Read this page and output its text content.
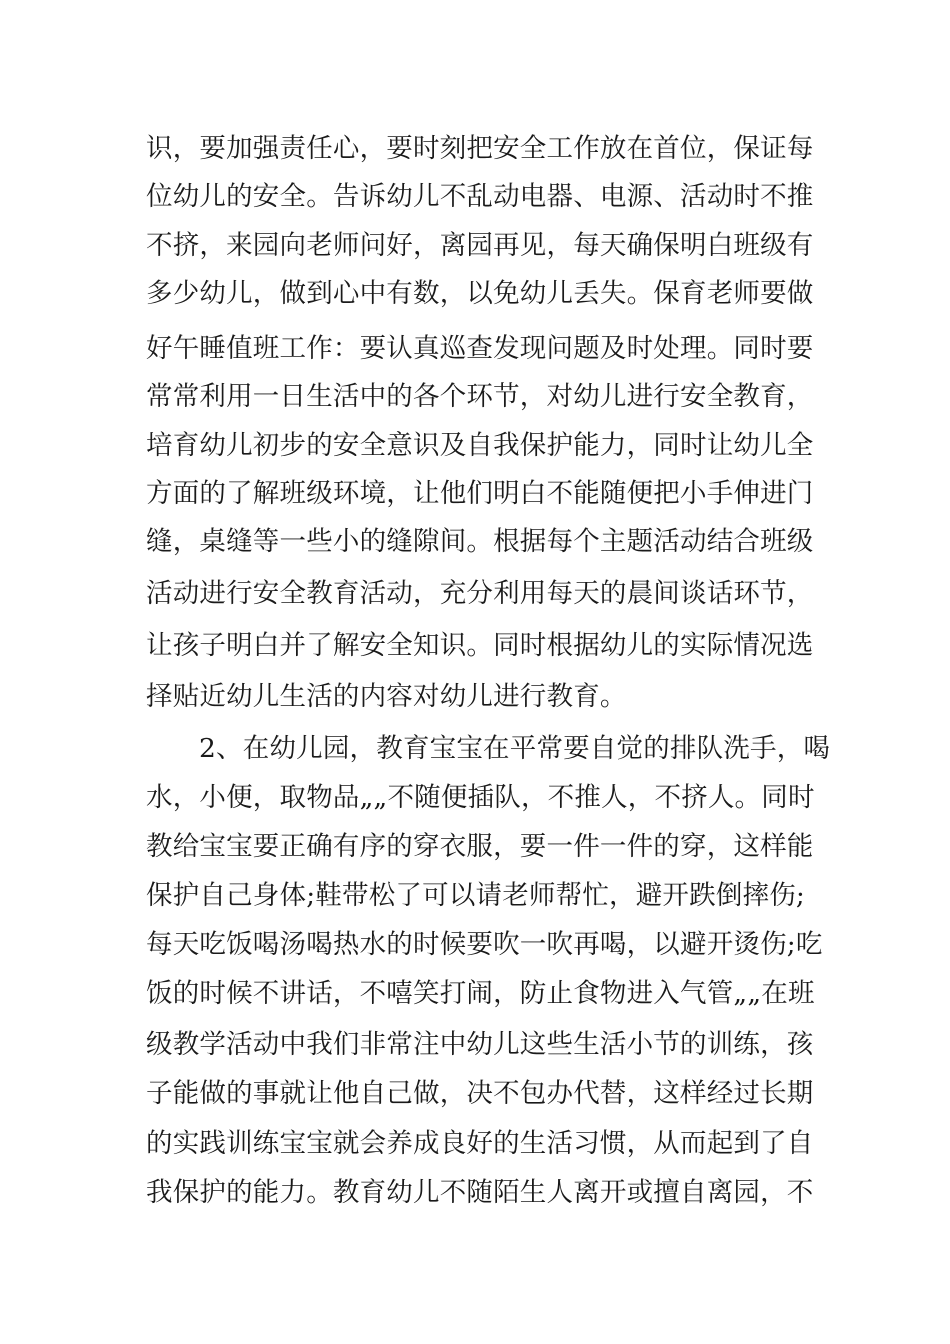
识，要加强责任心，要时刻把安全工作放在首位，保证每
位幼儿的安全。告诉幼儿不乱动电器、电源、活动时不推
不挤，来园向老师问好，离园再见，每天确保明白班级有
多少幼儿，做到心中有数，以免幼儿丢失。保育老师要做
好午睡值班工作：要认真巡查发现问题及时处理。同时要
常常利用一日生活中的各个环节，对幼儿进行安全教育，
培育幼儿初步的安全意识及自我保护能力，同时让幼儿全
方面的了解班级环境，让他们明白不能随便把小手伸进门
缝，桌缝等一些小的缝隙间。根据每个主题活动结合班级
活动进行安全教育活动，充分利用每天的晨间谈话环节，
让孩子明白并了解安全知识。同时根据幼儿的实际情况选
择贴近幼儿生活的内容对幼儿进行教育。
2、在幼儿园，教育宝宝在平常要自觉的排队洗手，喝
水，小便，取物品„„不随便插队，不推人，不挤人。同时
教给宝宝要正确有序的穿衣服，要一件一件的穿，这样能
保护自己身体;鞋带松了可以请老师帮忙，避开跌倒摔伤;
每天吃饭喝汤喝热水的时候要吹一吹再喝，以避开烫伤;吃
饭的时候不讲话，不嘻笑打闹，防止食物进入气管„„在班
级教学活动中我们非常注中幼儿这些生活小节的训练，孩
子能做的事就让他自己做，决不包办代替，这样经过长期
的实践训练宝宝就会养成良好的生活习惯，从而起到了自
我保护的能力。教育幼儿不随陌生人离开或擅自离园，不
